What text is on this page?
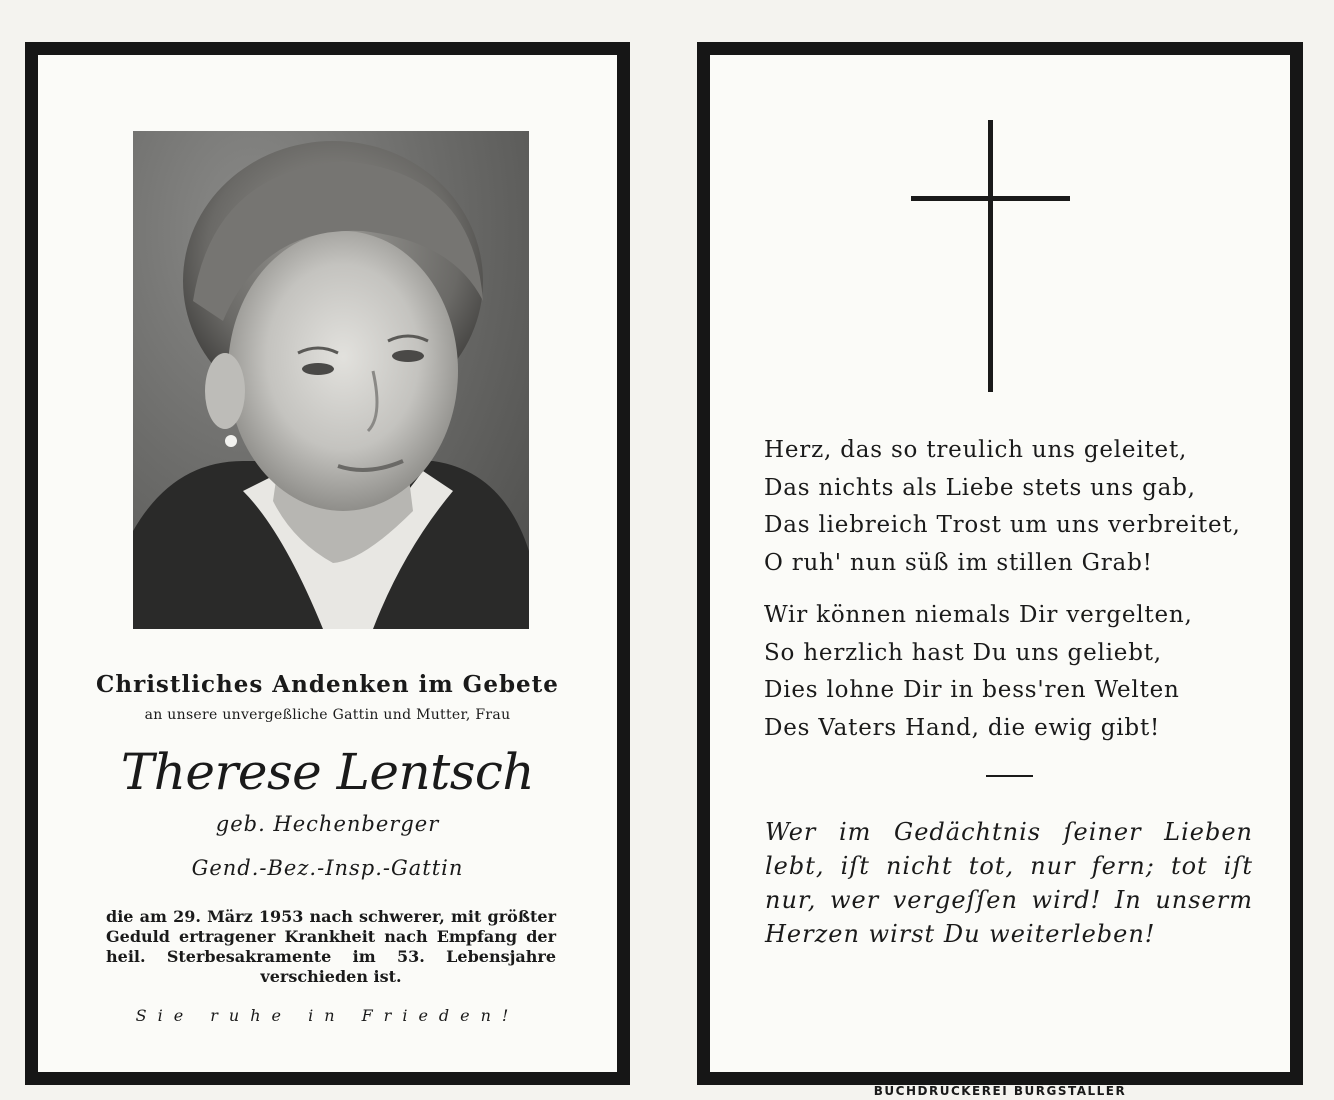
Christliches Andenken im Gebete
an unsere unvergeßliche Gattin und Mutter, Frau
Therese Lentsch
geb. Hechenberger
Gend.-Bez.-Insp.-Gattin
die am 29. März 1953 nach schwerer, mit größter Geduld ertragener Krankheit nach Empfang der heil. Sterbesakramente im 53. Lebensjahre verschieden ist.
Sie ruhe in Frieden!
Herz, das so treulich uns geleitet,
Das nichts als Liebe stets uns gab,
Das liebreich Trost um uns verbreitet,
O ruh' nun süß im stillen Grab!
Wir können niemals Dir vergelten,
So herzlich hast Du uns geliebt,
Dies lohne Dir in bess'ren Welten
Des Vaters Hand, die ewig gibt!
Wer im Gedächtnis ſeiner Lieben lebt, iſt nicht tot, nur fern; tot iſt nur, wer vergeſſen wird! In unserm Herzen wirst Du weiterleben!
BUCHDRUCKEREI BURGSTALLER
